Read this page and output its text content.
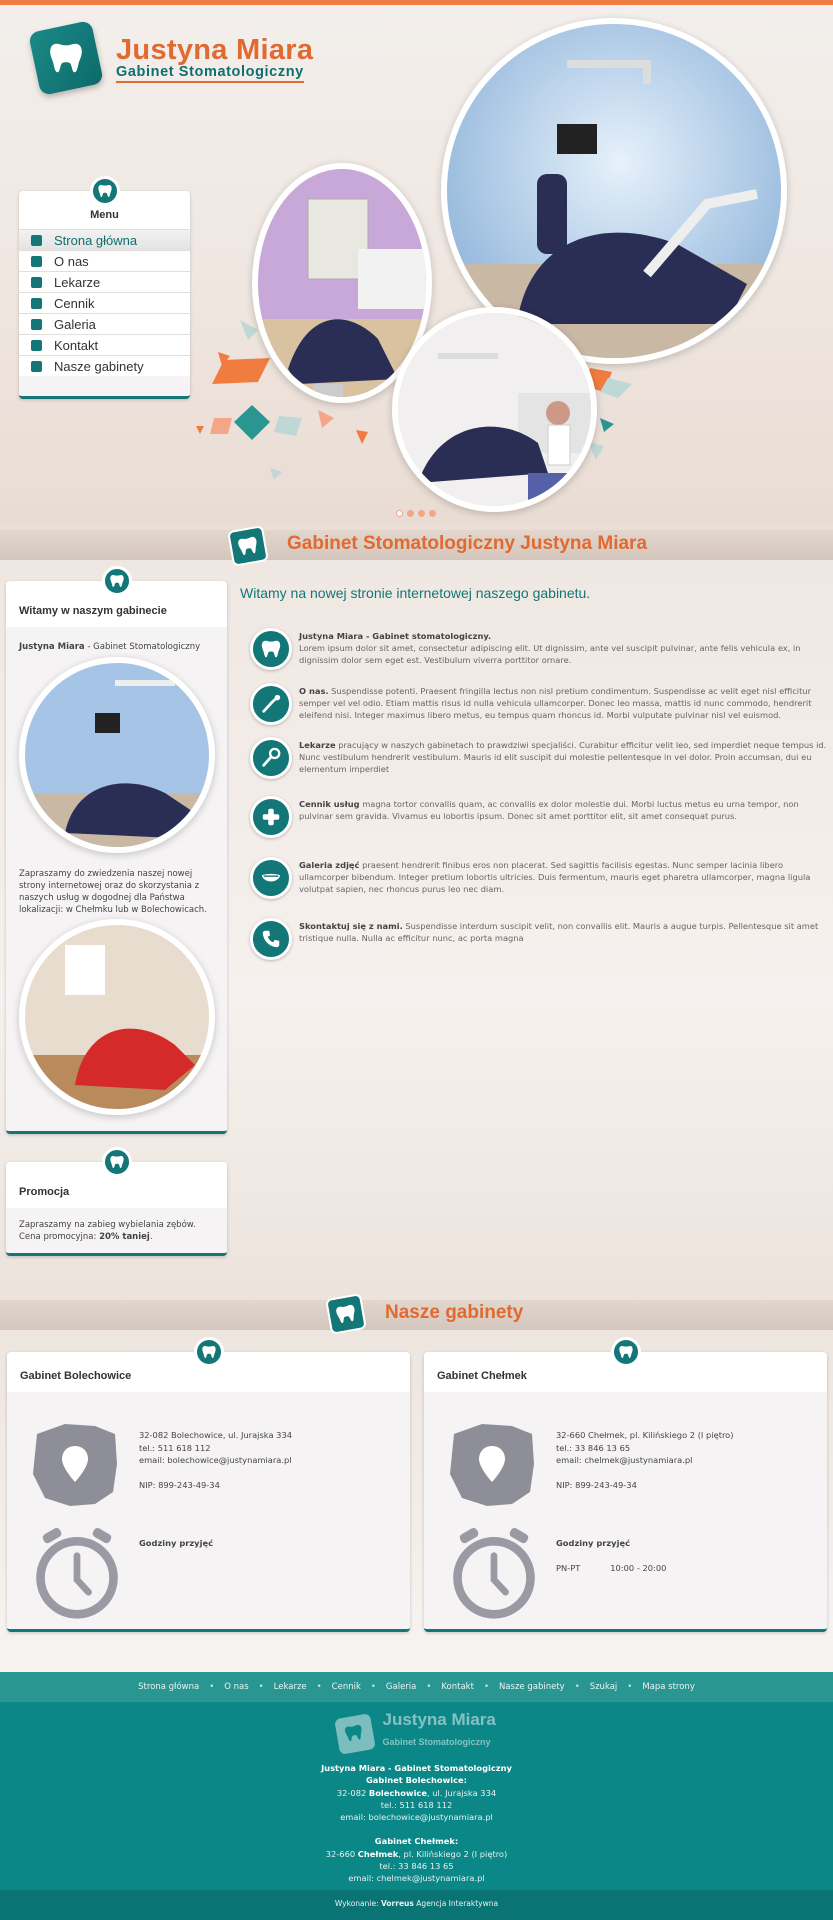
Justyna Miara
Gabinet Stomatologiczny
Menu
Strona główna
O nas
Lekarze
Cennik
Galeria
Kontakt
Nasze gabinety
Gabinet Stomatologiczny Justyna Miara
Witamy w naszym gabinecie
Justyna Miara - Gabinet Stomatologiczny
Zapraszamy do zwiedzenia naszej nowej strony internetowej oraz do skorzystania z naszych usług w dogodnej dla Państwa lokalizacji: w Chełmku lub w Bolechowicach.
Promocja
Zapraszamy na zabieg wybielania zębów.
Cena promocyjna: 20% taniej.
Witamy na nowej stronie internetowej naszego gabinetu.
Justyna Miara - Gabinet stomatologiczny.
Lorem ipsum dolor sit amet, consectetur adipiscing elit. Ut dignissim, ante vel suscipit pulvinar, ante felis vehicula ex, in dignissim dolor sem eget est. Vestibulum viverra porttitor ornare.
O nas. Suspendisse potenti. Praesent fringilla lectus non nisl pretium condimentum. Suspendisse ac velit eget nisl efficitur semper vel vel odio. Etiam mattis risus id nulla vehicula ullamcorper. Donec leo massa, mattis id nunc commodo, hendrerit eleifend nisi. Integer maximus libero metus, eu tempus quam rhoncus id. Morbi vulputate pulvinar nisl vel euismod.
Lekarze pracujący w naszych gabinetach to prawdziwi specjaliści. Curabitur efficitur velit leo, sed imperdiet neque tempus id. Nunc vestibulum hendrerit vestibulum. Mauris id elit suscipit dui molestie pellentesque in vel dolor. Proin accumsan, dui eu elementum imperdiet
Cennik usług magna tortor convallis quam, ac convallis ex dolor molestie dui. Morbi luctus metus eu urna tempor, non pulvinar sem gravida. Vivamus eu lobortis ipsum. Donec sit amet porttitor elit, sit amet consequat purus.
Galeria zdjęć praesent hendrerit finibus eros non placerat. Sed sagittis facilisis egestas. Nunc semper lacinia libero ullamcorper bibendum. Integer pretium lobortis ultricies. Duis fermentum, mauris eget pharetra ullamcorper, magna ligula volutpat sapien, nec rhoncus purus leo nec diam.
Skontaktuj się z nami. Suspendisse interdum suscipit velit, non convallis elit. Mauris a augue turpis. Pellentesque sit amet tristique nulla. Nulla ac efficitur nunc, ac porta magna
Nasze gabinety
Gabinet Bolechowice
32-082 Bolechowice, ul. Jurajska 334
tel.: 511 618 112
email: bolechowice@justynamiara.pl
NIP: 899-243-49-34
Godziny przyjęć
Gabinet Chełmek
32-660 Chełmek, pl. Kilińskiego 2 (I piętro)
tel.: 33 846 13 65
email: chelmek@justynamiara.pl
NIP: 899-243-49-34
Godziny przyjęć
PN-PT	10:00 - 20:00
Strona główna • O nas • Lekarze • Cennik • Galeria • Kontakt • Nasze gabinety • Szukaj • Mapa strony
Justyna Miara
Gabinet Stomatologiczny
Justyna Miara - Gabinet Stomatologiczny
Gabinet Bolechowice:
32-082 Bolechowice, ul. Jurajska 334
tel.: 511 618 112
email: bolechowice@justynamiara.pl
Gabinet Chełmek:
32-660 Chełmek, pl. Kilińskiego 2 (I piętro)
tel.: 33 846 13 65
email: chelmek@justynamiara.pl
Wykonanie: Vorreus Agencja Interaktywna
